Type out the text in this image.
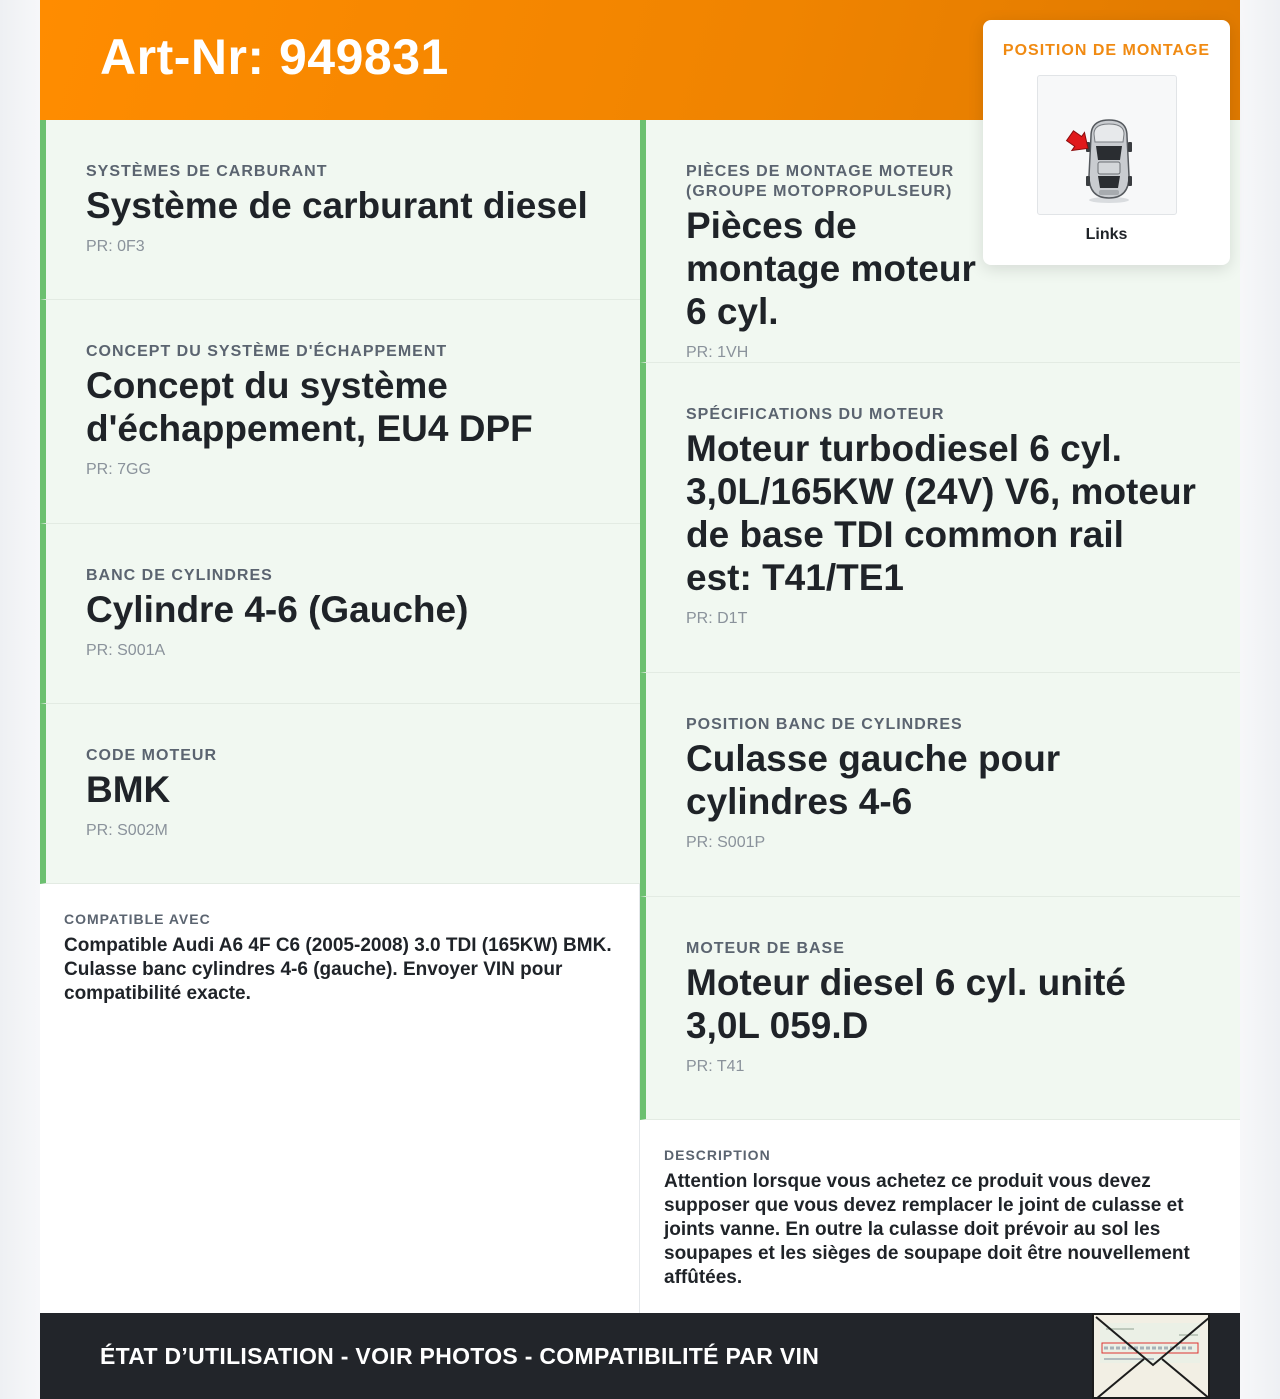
Art-Nr: 949831
SYSTÈMES DE CARBURANT
Système de carburant diesel
PR: 0F3
CONCEPT DU SYSTÈME D'ÉCHAPPEMENT
Concept du système d'échappement, EU4 DPF
PR: 7GG
BANC DE CYLINDRES
Cylindre 4-6 (Gauche)
PR: S001A
CODE MOTEUR
BMK
PR: S002M
COMPATIBLE AVEC
Compatible Audi A6 4F C6 (2005-2008) 3.0 TDI (165KW) BMK. Culasse banc cylindres 4-6 (gauche). Envoyer VIN pour compatibilité exacte.
PIÈCES DE MONTAGE MOTEUR (GROUPE MOTOPROPULSEUR)
Pièces de montage moteur 6 cyl.
PR: 1VH
SPÉCIFICATIONS DU MOTEUR
Moteur turbodiesel 6 cyl. 3,0L/165KW (24V) V6, moteur de base TDI common rail est: T41/TE1
PR: D1T
POSITION BANC DE CYLINDRES
Culasse gauche pour cylindres 4-6
PR: S001P
MOTEUR DE BASE
Moteur diesel 6 cyl. unité 3,0L 059.D
PR: T41
DESCRIPTION
Attention lorsque vous achetez ce produit vous devez supposer que vous devez remplacer le joint de culasse et joints vanne. En outre la culasse doit prévoir au sol les soupapes et les sièges de soupape doit être nouvellement affûtées.
ÉTAT D’UTILISATION - VOIR PHOTOS - COMPATIBILITÉ PAR VIN
POSITION DE MONTAGE
Links
